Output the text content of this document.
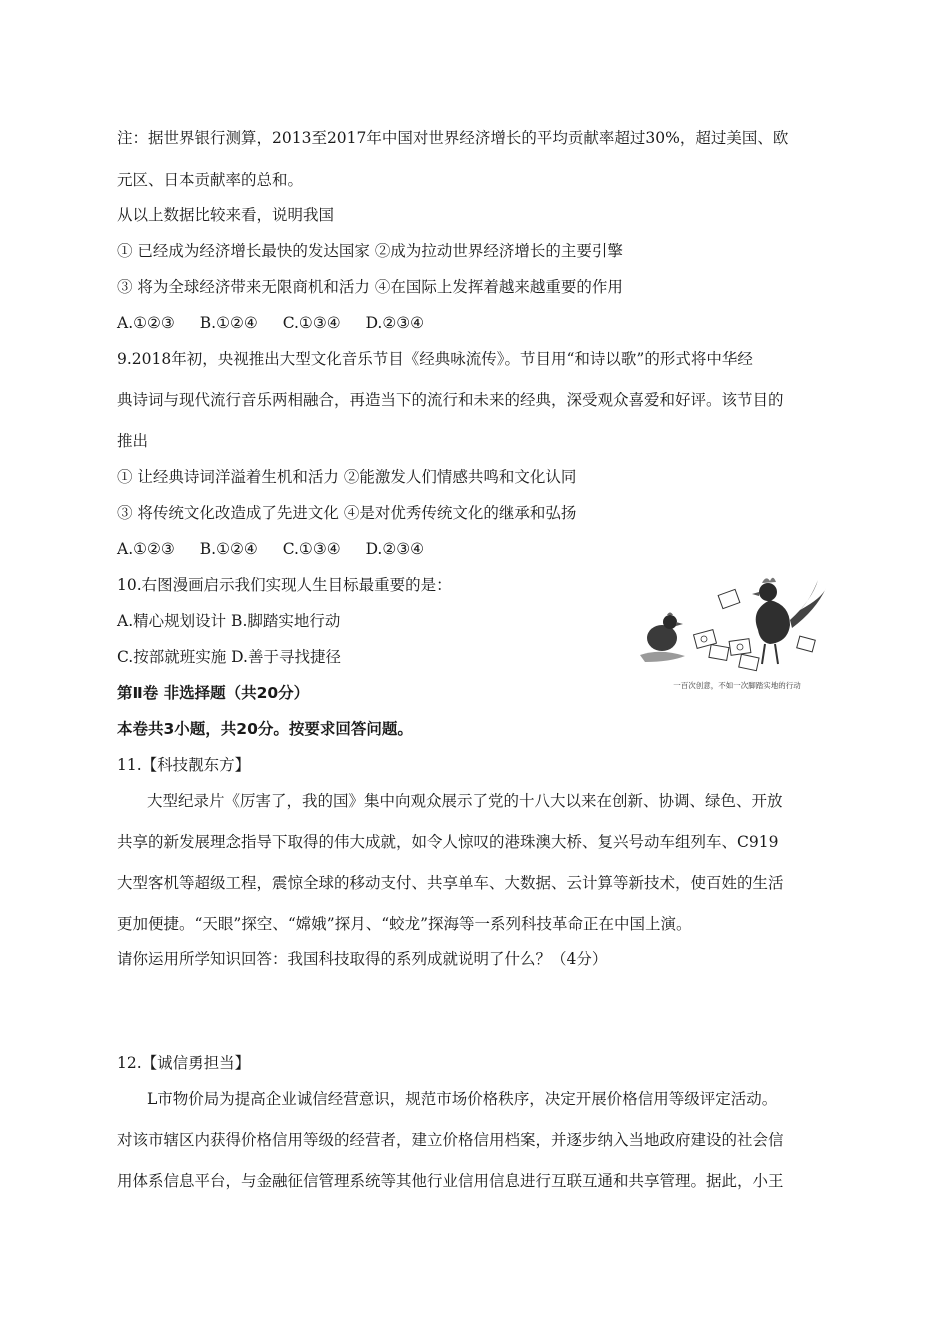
注：据世界银行测算，2013至2017年中国对世界经济增长的平均贡献率超过30%，超过美国、欧
元区、日本贡献率的总和。
从以上数据比较来看，说明我国
① 已经成为经济增长最快的发达国家 ②成为拉动世界经济增长的主要引擎
③ 将为全球经济带来无限商机和活力 ④在国际上发挥着越来越重要的作用
A.①②③ B.①②④ C.①③④ D.②③④
9.2018年初，央视推出大型文化音乐节目《经典咏流传》。节目用“和诗以歌”的形式将中华经
典诗词与现代流行音乐两相融合，再造当下的流行和未来的经典，深受观众喜爱和好评。该节目的
推出
① 让经典诗词洋溢着生机和活力 ②能激发人们情感共鸣和文化认同
③ 将传统文化改造成了先进文化 ④是对优秀传统文化的继承和弘扬
A.①②③ B.①②④ C.①③④ D.②③④
10.右图漫画启示我们实现人生目标最重要的是：
A.精心规划设计 B.脚踏实地行动
C.按部就班实施 D.善于寻找捷径
一百次创意，不如一次脚踏实地的行动
第Ⅱ卷 非选择题（共20分）
本卷共3小题，共20分。按要求回答问题。
11.【科技靓东方】
大型纪录片《厉害了，我的国》集中向观众展示了党的十八大以来在创新、协调、绿色、开放
共享的新发展理念指导下取得的伟大成就，如令人惊叹的港珠澳大桥、复兴号动车组列车、C919
大型客机等超级工程，震惊全球的移动支付、共享单车、大数据、云计算等新技术，使百姓的生活
更加便捷。“天眼”探空、“嫦娥”探月、“蛟龙”探海等一系列科技革命正在中国上演。
请你运用所学知识回答：我国科技取得的系列成就说明了什么？（4分）
12.【诚信勇担当】
L市物价局为提高企业诚信经营意识，规范市场价格秩序，决定开展价格信用等级评定活动。
对该市辖区内获得价格信用等级的经营者，建立价格信用档案，并逐步纳入当地政府建设的社会信
用体系信息平台，与金融征信管理系统等其他行业信用信息进行互联互通和共享管理。据此，小王
